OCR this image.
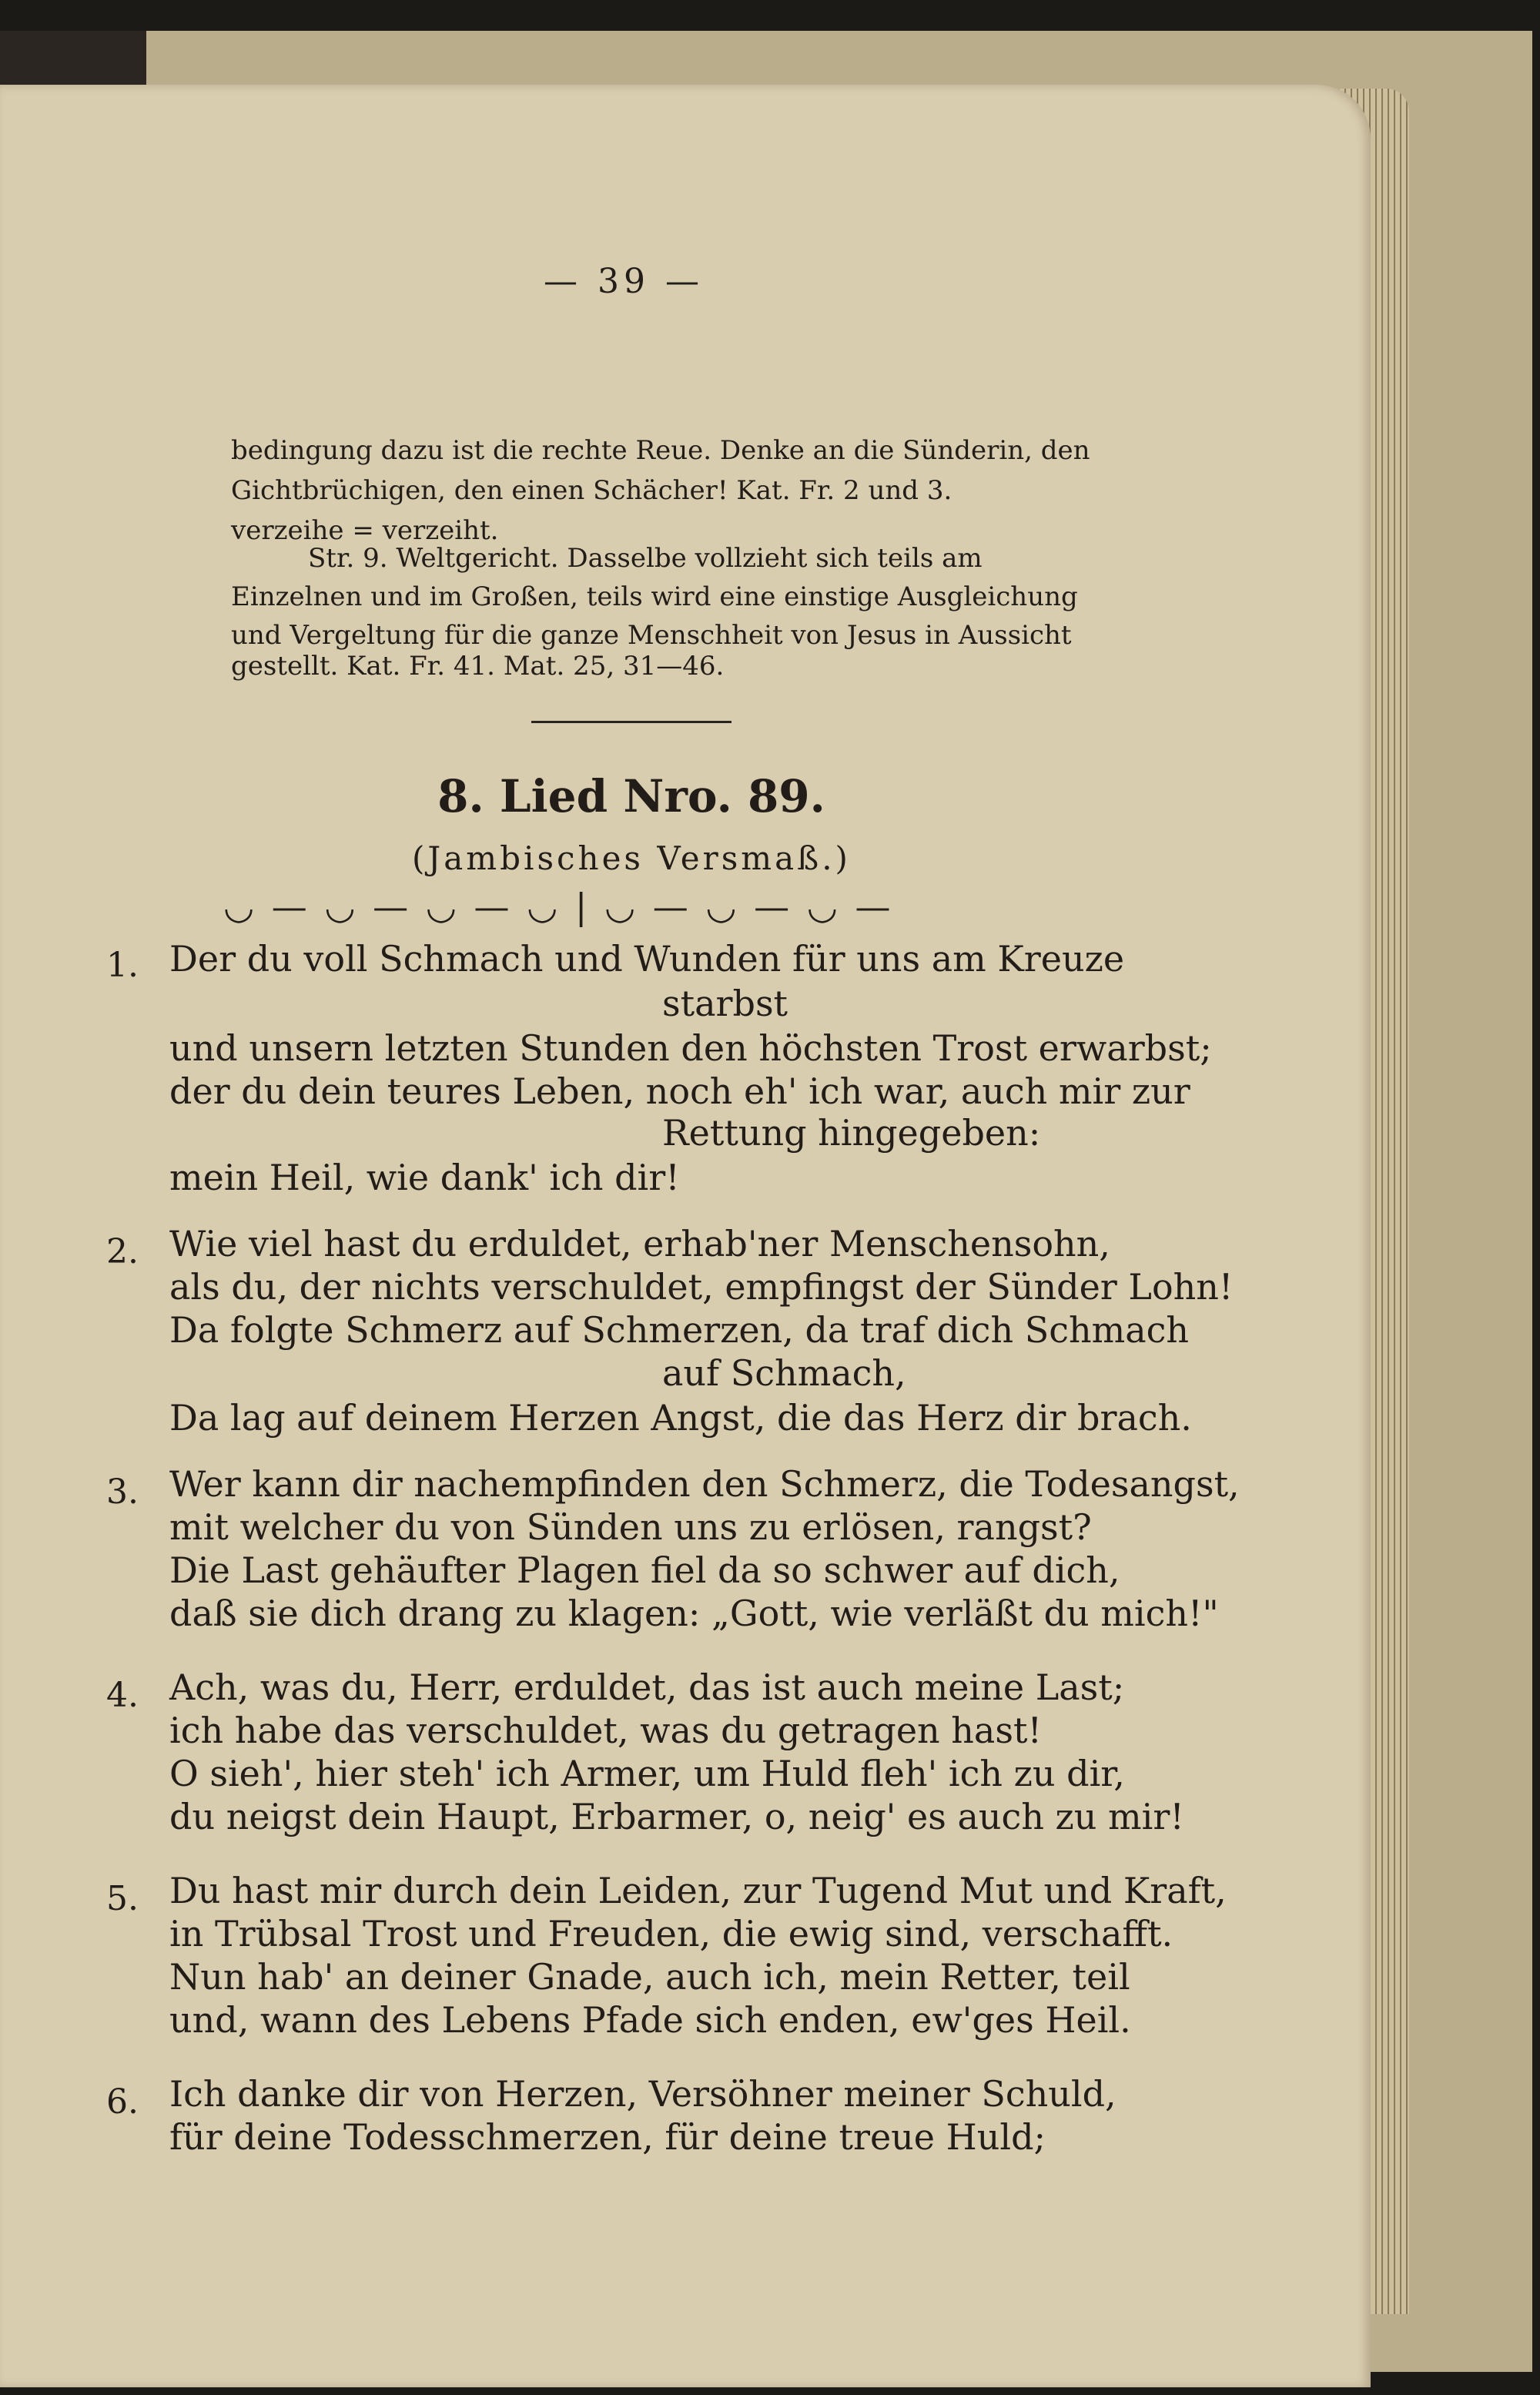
— 39 —
bedingung dazu ist die rechte Reue. Denke an die Sünderin, den
Gichtbrüchigen, den einen Schächer! Kat. Fr. 2 und 3.
verzeihe = verzeiht.
Str. 9. Weltgericht. Dasselbe vollzieht sich teils am
Einzelnen und im Großen, teils wird eine einstige Ausgleichung
und Vergeltung für die ganze Menschheit von Jesus in Aussicht
gestellt. Kat. Fr. 41. Mat. 25, 31—46.
8. Lied Nro. 89.
(Jambisches Versmaß.)
◡ — ◡ — ◡ — ◡ | ◡ — ◡ — ◡ —
1. Der du voll Schmach und Wunden für uns am Kreuze
starbst
und unsern letzten Stunden den höchsten Trost erwarbst;
der du dein teures Leben, noch eh' ich war, auch mir zur
Rettung hingegeben:
mein Heil, wie dank' ich dir!
2. Wie viel hast du erduldet, erhab'ner Menschensohn,
als du, der nichts verschuldet, empfingst der Sünder Lohn!
Da folgte Schmerz auf Schmerzen, da traf dich Schmach
auf Schmach,
Da lag auf deinem Herzen Angst, die das Herz dir brach.
3. Wer kann dir nachempfinden den Schmerz, die Todesangst,
mit welcher du von Sünden uns zu erlösen, rangst?
Die Last gehäufter Plagen fiel da so schwer auf dich,
daß sie dich drang zu klagen: „Gott, wie verläßt du mich!"
4. Ach, was du, Herr, erduldet, das ist auch meine Last;
ich habe das verschuldet, was du getragen hast!
O sieh', hier steh' ich Armer, um Huld fleh' ich zu dir,
du neigst dein Haupt, Erbarmer, o, neig' es auch zu mir!
5. Du hast mir durch dein Leiden, zur Tugend Mut und Kraft,
in Trübsal Trost und Freuden, die ewig sind, verschafft.
Nun hab' an deiner Gnade, auch ich, mein Retter, teil
und, wann des Lebens Pfade sich enden, ew'ges Heil.
6. Ich danke dir von Herzen, Versöhner meiner Schuld,
für deine Todesschmerzen, für deine treue Huld;
